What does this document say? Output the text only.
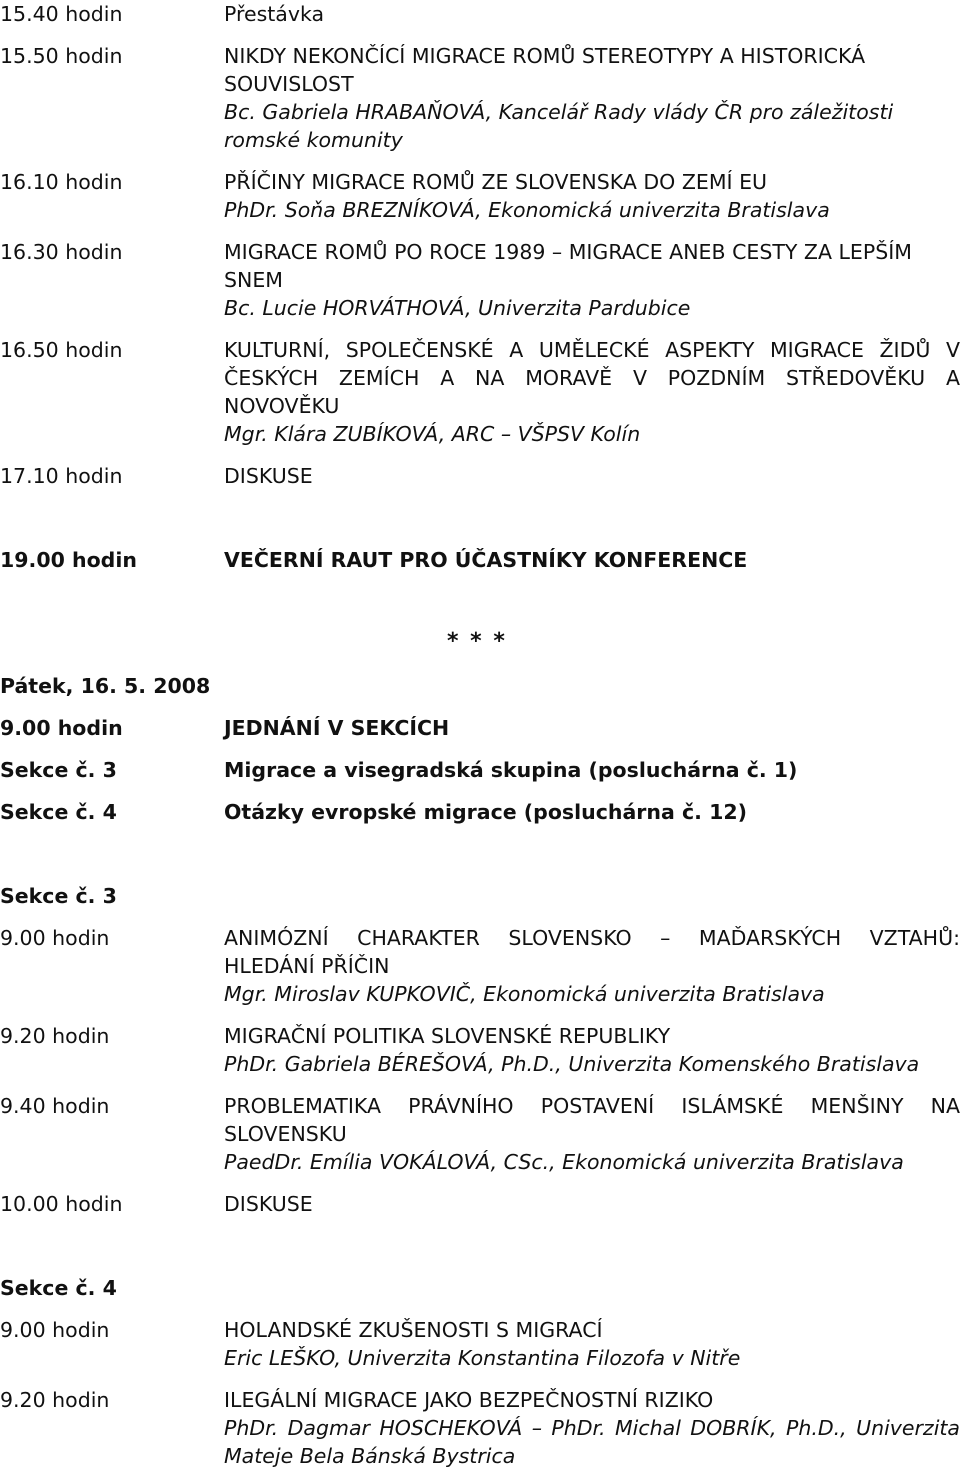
15.40 hodin	Přestávka
15.50 hodin	NIKDY NEKONČÍCÍ MIGRACE ROMŮ STEREOTYPY A HISTORICKÁ SOUVISLOST
Bc. Gabriela HRABAŇOVÁ, Kancelář Rady vlády ČR pro záležitosti romské komunity
16.10 hodin	PŘÍČINY MIGRACE ROMŮ ZE SLOVENSKA DO ZEMÍ EU
PhDr. Soňa BREZNÍKOVÁ, Ekonomická univerzita Bratislava
16.30 hodin	MIGRACE ROMŮ PO ROCE 1989 – MIGRACE ANEB CESTY ZA LEPŠÍM SNEM
Bc. Lucie HORVÁTHOVÁ, Univerzita Pardubice
16.50 hodin	KULTURNÍ, SPOLEČENSKÉ A UMĚLECKÉ ASPEKTY MIGRACE ŽIDŮ V ČESKÝCH ZEMÍCH A NA MORAVĚ V POZDNÍM STŘEDOVĚKU A NOVOVĚKU
Mgr. Klára ZUBÍKOVÁ, ARC – VŠPSV Kolín
17.10 hodin	DISKUSE
19.00 hodin	VEČERNÍ RAUT PRO ÚČASTNÍKY KONFERENCE
* * *
Pátek, 16. 5. 2008
9.00 hodin	JEDNÁNÍ V SEKCÍCH
Sekce č. 3	Migrace a visegradská skupina (posluchárna č. 1)
Sekce č. 4	Otázky evropské migrace (posluchárna č. 12)
Sekce č. 3
9.00 hodin	ANIMÓZNÍ CHARAKTER SLOVENSKO – MAĎARSKÝCH VZTAHŮ:
HLEDÁNÍ PŘÍČIN
Mgr. Miroslav KUPKOVIČ, Ekonomická univerzita Bratislava
9.20 hodin	MIGRAČNÍ POLITIKA SLOVENSKÉ REPUBLIKY
PhDr. Gabriela BÉREŠOVÁ, Ph.D., Univerzita Komenského Bratislava
9.40 hodin	PROBLEMATIKA PRÁVNÍHO POSTAVENÍ ISLÁMSKÉ MENŠINY NA
SLOVENSKU
PaedDr. Emília VOKÁLOVÁ, CSc., Ekonomická univerzita Bratislava
10.00 hodin	DISKUSE
Sekce č. 4
9.00 hodin	HOLANDSKÉ ZKUŠENOSTI S MIGRACÍ
Eric LEŠKO, Univerzita Konstantina Filozofa v Nitře
9.20 hodin	ILEGÁLNÍ MIGRACE JAKO BEZPEČNOSTNÍ RIZIKO
PhDr. Dagmar HOSCHEKOVÁ – PhDr. Michal DOBRÍK, Ph.D., Univerzita
Mateje Bela Bánská Bystrica
